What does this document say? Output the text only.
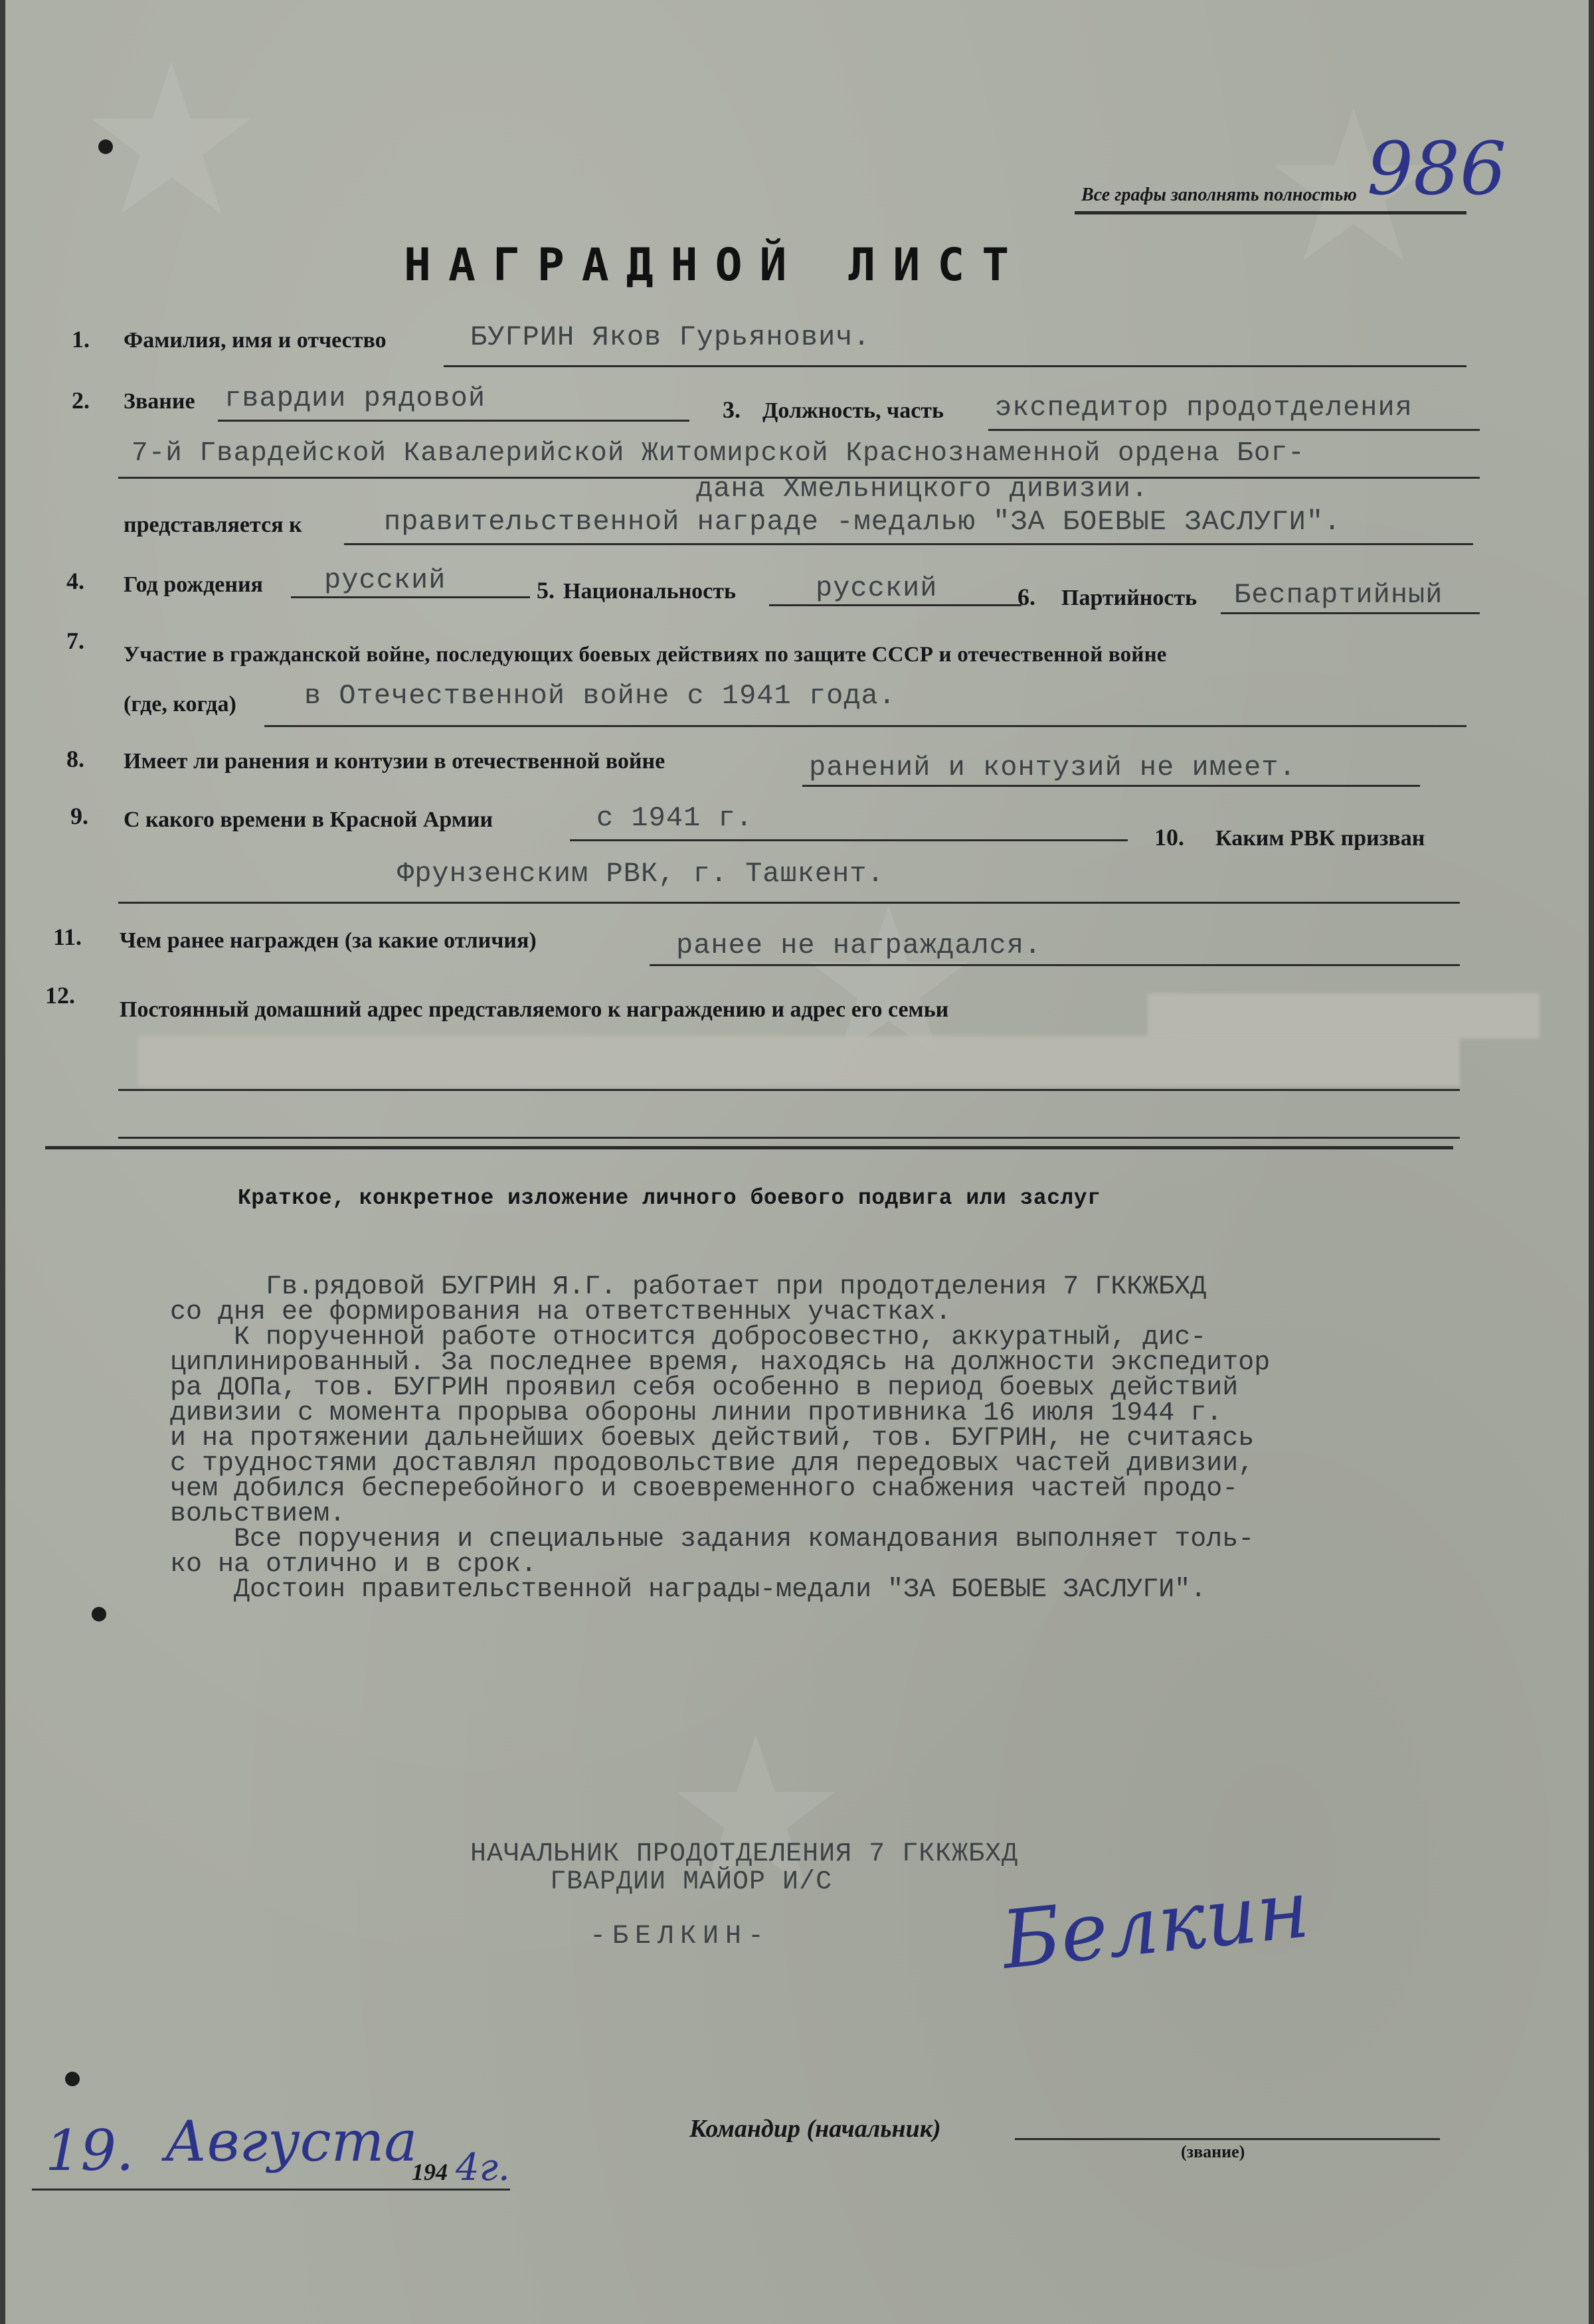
Все графы заполнять полностью 986
НАГРАДНОЙ ЛИСТ
1. Фамилия, имя и отчество	БУГРИН Яков Гурьянович.
2. Звание гвардии рядовой	3. Должность, часть экспедитор продотделения
7-й Гвардейской Кавалерийской Житомирской Краснознаменной ордена Бог-
дана Хмельницкого дивизии.
представляется к	правительственной награде -медалью "ЗА БОЕВЫЕ ЗАСЛУГИ".
4. Год рождения русский	5. Национальность	русский	6. Партийность Беспартийный
7.
Участие в гражданской войне, последующих боевых действиях по защите СССР и отечественной войне
(где, когда) в Отечественной войне с 1941 года.
8. Имеет ли ранения и контузии в отечественной войне	ранений и контузий не имеет.
9. С какого времени в Красной Армии	с 1941 г.
10. Каким РВК призван
Фрунзенским РВК, г. Ташкент.
11. Чем ранее награжден (за какие отличия)	ранее не награждался.
12.
Постоянный домашний адрес представляемого к награждению и адрес его семьи
Краткое, конкретное изложение личного боевого подвига или заслуг
Гв.рядовой БУГРИН Я.Г. работает при продотделения 7 ГККЖБХД
со дня ее формирования на ответственных участках.
К порученной работе относится добросовестно, аккуратный, дис-
циплинированный. За последнее время, находясь на должности экспедитор
ра ДОПа, тов. БУГРИН проявил себя особенно в период боевых действий
дивизии с момента прорыва обороны линии противника 16 июля 1944 г.
и на протяжении дальнейших боевых действий, тов. БУГРИН, не считаясь
с трудностями доставлял продовольствие для передовых частей дивизии,
чем добился бесперебойного и своевременного снабжения частей продо-
вольствием.
Все поручения и специальные задания командования выполняет толь-
ко на отлично и в срок.
Достоин правительственной награды-медали "ЗА БОЕВЫЕ ЗАСЛУГИ".
НАЧАЛЬНИК ПРОДОТДЕЛЕНИЯ 7 ГККЖБХД
ГВАРДИИ МАЙОР И/С
-БЕЛКИН-	Белкин
19. Августа
194 4г.
Командир (начальник)
(звание)
